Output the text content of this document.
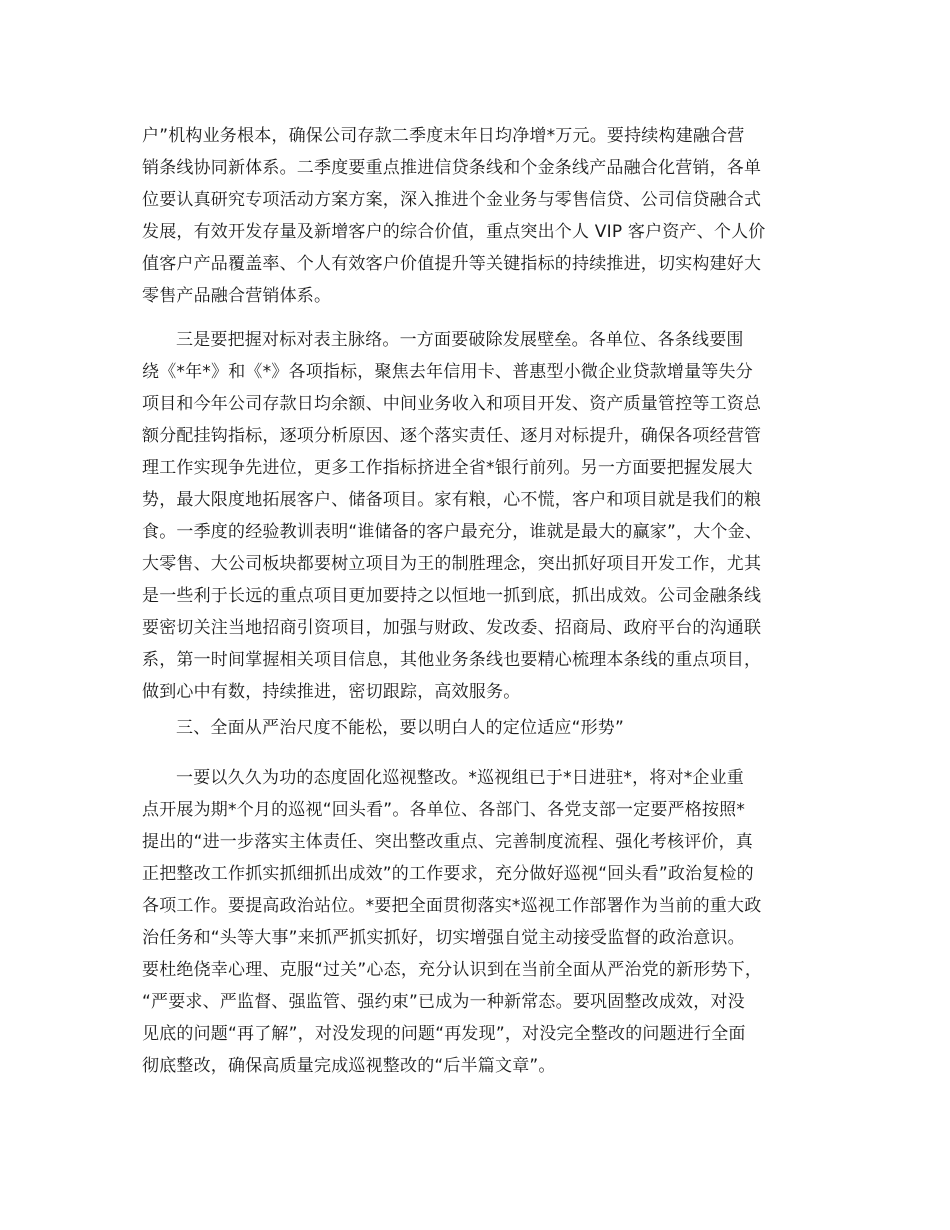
户”机构业务根本，确保公司存款二季度末年日均净增*万元。要持续构建融合营
销条线协同新体系。二季度要重点推进信贷条线和个金条线产品融合化营销，各单
位要认真研究专项活动方案方案，深入推进个金业务与零售信贷、公司信贷融合式
发展，有效开发存量及新增客户的综合价值，重点突出个人 VIP 客户资产、个人价
值客户产品覆盖率、个人有效客户价值提升等关键指标的持续推进，切实构建好大
零售产品融合营销体系。
三是要把握对标对表主脉络。一方面要破除发展壁垒。各单位、各条线要围
绕《*年*》和《*》各项指标，聚焦去年信用卡、普惠型小微企业贷款增量等失分
项目和今年公司存款日均余额、中间业务收入和项目开发、资产质量管控等工资总
额分配挂钩指标，逐项分析原因、逐个落实责任、逐月对标提升，确保各项经营管
理工作实现争先进位，更多工作指标挤进全省*银行前列。另一方面要把握发展大
势，最大限度地拓展客户、储备项目。家有粮，心不慌，客户和项目就是我们的粮
食。一季度的经验教训表明“谁储备的客户最充分，谁就是最大的赢家”，大个金、
大零售、大公司板块都要树立项目为王的制胜理念，突出抓好项目开发工作，尤其
是一些利于长远的重点项目更加要持之以恒地一抓到底，抓出成效。公司金融条线
要密切关注当地招商引资项目，加强与财政、发改委、招商局、政府平台的沟通联
系，第一时间掌握相关项目信息，其他业务条线也要精心梳理本条线的重点项目，
做到心中有数，持续推进，密切跟踪，高效服务。
三、全面从严治尺度不能松，要以明白人的定位适应“形势”
一要以久久为功的态度固化巡视整改。*巡视组已于*日进驻*，将对*企业重
点开展为期*个月的巡视“回头看”。各单位、各部门、各党支部一定要严格按照*
提出的“进一步落实主体责任、突出整改重点、完善制度流程、强化考核评价，真
正把整改工作抓实抓细抓出成效”的工作要求，充分做好巡视“回头看”政治复检的
各项工作。要提高政治站位。*要把全面贯彻落实*巡视工作部署作为当前的重大政
治任务和“头等大事”来抓严抓实抓好，切实增强自觉主动接受监督的政治意识。
要杜绝侥幸心理、克服“过关”心态，充分认识到在当前全面从严治党的新形势下，
“严要求、严监督、强监管、强约束”已成为一种新常态。要巩固整改成效，对没
见底的问题“再了解”，对没发现的问题“再发现”，对没完全整改的问题进行全面
彻底整改，确保高质量完成巡视整改的“后半篇文章”。
